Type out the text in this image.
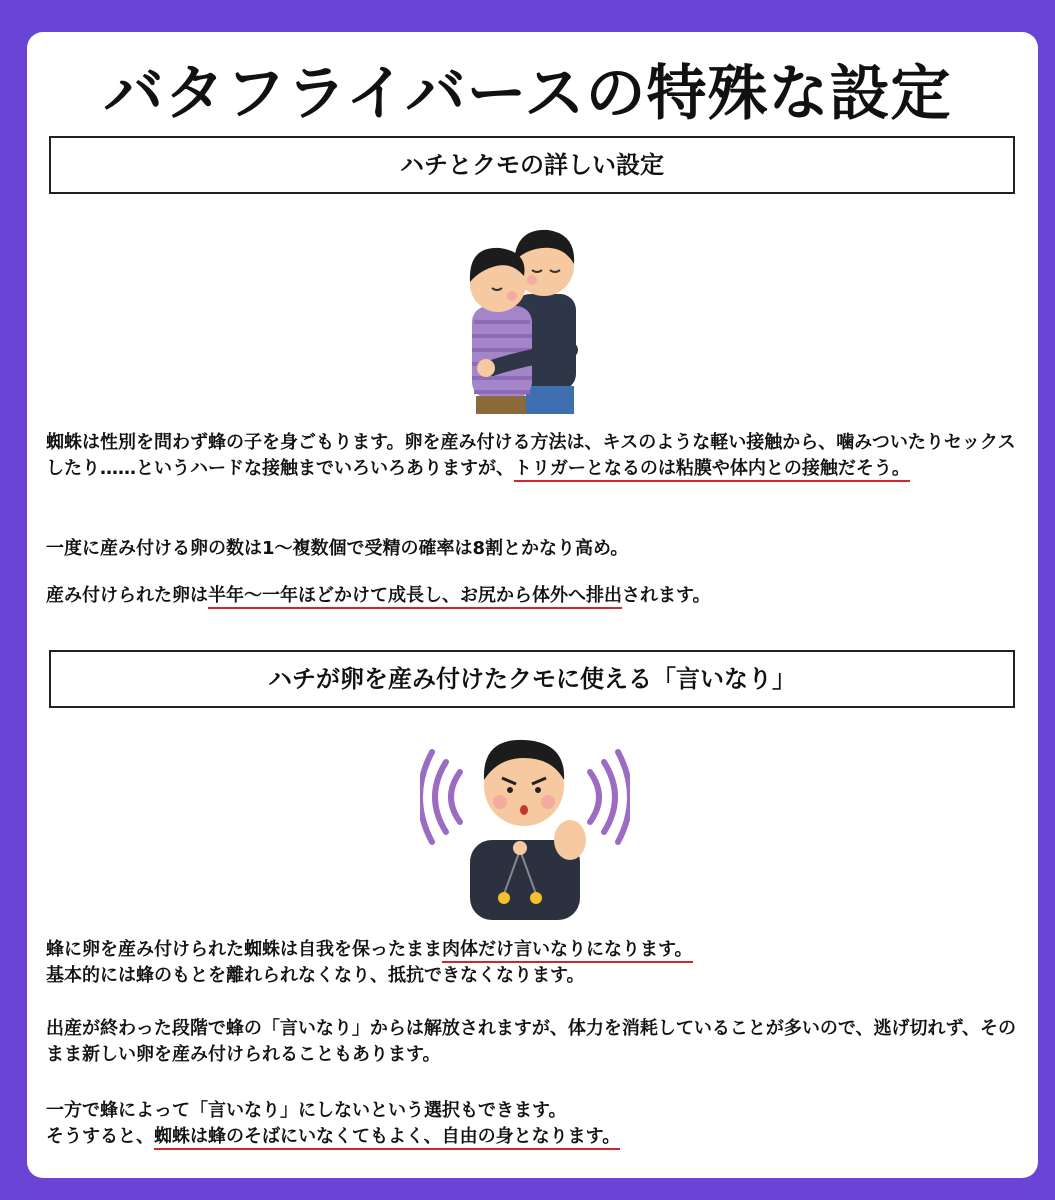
バタフライバースの特殊な設定
ハチとクモの詳しい設定
蜘蛛は性別を問わず蜂の子を身ごもります。卵を産み付ける方法は、キスのような軽い接触から、噛みついたりセックスしたり……というハードな接触までいろいろありますが、トリガーとなるのは粘膜や体内との接触だそう。
一度に産み付ける卵の数は1〜複数個で受精の確率は8割とかなり高め。
産み付けられた卵は半年〜一年ほどかけて成長し、お尻から体外へ排出されます。
ハチが卵を産み付けたクモに使える「言いなり」
蜂に卵を産み付けられた蜘蛛は自我を保ったまま肉体だけ言いなりになります。
基本的には蜂のもとを離れられなくなり、抵抗できなくなります。
出産が終わった段階で蜂の「言いなり」からは解放されますが、体力を消耗していることが多いので、逃げ切れず、そのまま新しい卵を産み付けられることもあります。
一方で蜂によって「言いなり」にしないという選択もできます。
そうすると、蜘蛛は蜂のそばにいなくてもよく、自由の身となります。
